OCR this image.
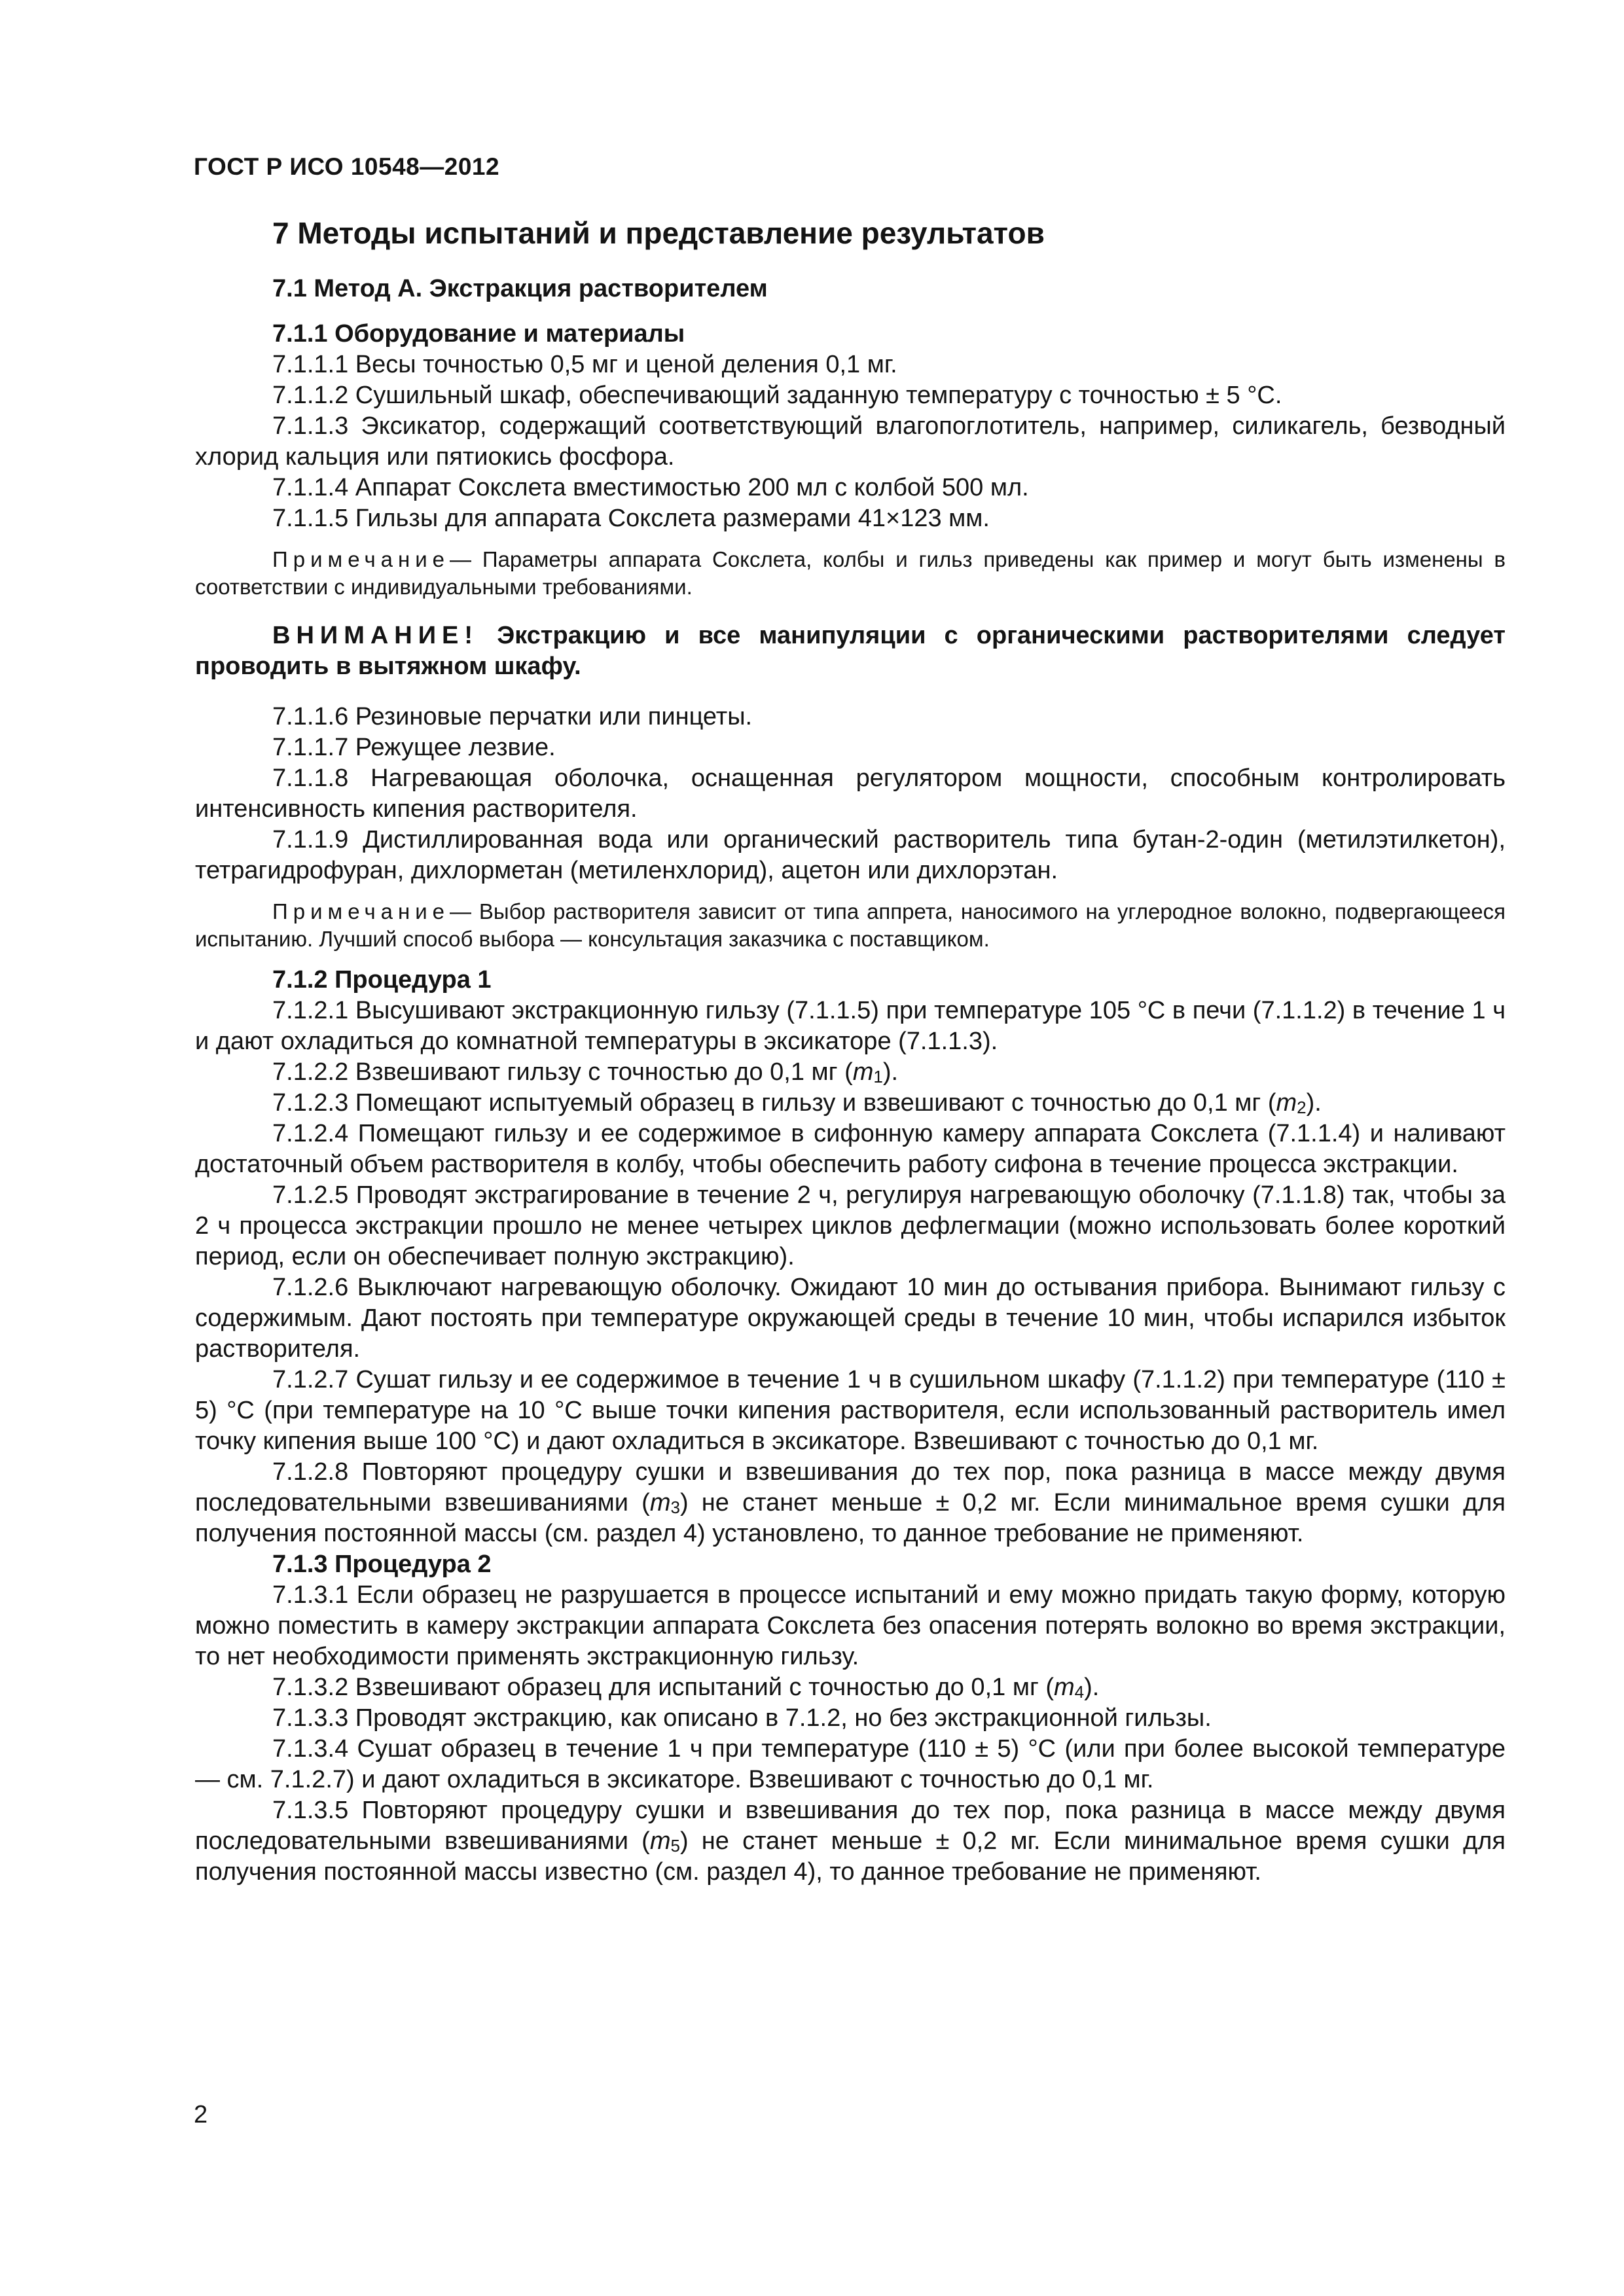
ГОСТ Р ИСО 10548—2012
7 Методы испытаний и представление результатов
7.1 Метод А. Экстракция растворителем
7.1.1 Оборудование и материалы

7.1.1.1 Весы точностью 0,5 мг и ценой деления 0,1 мг.

7.1.1.2 Сушильный шкаф, обеспечивающий заданную температуру с точностью ± 5 °С.

7.1.1.3 Эксикатор, содержащий соответствующий влагопоглотитель, например, силикагель, безводный хлорид кальция или пятиокись фосфора.

7.1.1.4 Аппарат Сокслета вместимостью 200 мл с колбой 500 мл.

7.1.1.5 Гильзы для аппарата Сокслета размерами 41×123 мм.

Примечание— Параметры аппарата Сокслета, колбы и гильз приведены как пример и могут быть изменены в соответствии с индивидуальными требованиями.

ВНИМАНИЕ! Экстракцию и все манипуляции с органическими растворителями следует проводить в вытяжном шкафу.

7.1.1.6 Резиновые перчатки или пинцеты.

7.1.1.7 Режущее лезвие.

7.1.1.8 Нагревающая оболочка, оснащенная регулятором мощности, способным контролировать интенсивность кипения растворителя.

7.1.1.9 Дистиллированная вода или органический растворитель типа бутан-2-один (метилэтилкетон), тетрагидрофуран, дихлорметан (метиленхлорид), ацетон или дихлорэтан.

Примечание— Выбор растворителя зависит от типа аппрета, наносимого на углеродное волокно, подвергающееся испытанию. Лучший способ выбора — консультация заказчика с поставщиком.

7.1.2 Процедура 1

7.1.2.1 Высушивают экстракционную гильзу (7.1.1.5) при температуре 105 °С в печи (7.1.1.2) в течение 1 ч и дают охладиться до комнатной температуры в эксикаторе (7.1.1.3).

7.1.2.2 Взвешивают гильзу с точностью до 0,1 мг $(m_1)$.

7.1.2.3 Помещают испытуемый образец в гильзу и взвешивают с точностью до 0,1 мг $(m_2)$.

7.1.2.4 Помещают гильзу и ее содержимое в сифонную камеру аппарата Сокслета (7.1.1.4) и наливают достаточный объем растворителя в колбу, чтобы обеспечить работу сифона в течение процесса экстракции.

7.1.2.5 Проводят экстрагирование в течение 2 ч, регулируя нагревающую оболочку (7.1.1.8) так, чтобы за 2 ч процесса экстракции прошло не менее четырех циклов дефлегмации (можно использовать более короткий период, если он обеспечивает полную экстракцию).

7.1.2.6 Выключают нагревающую оболочку. Ожидают 10 мин до остывания прибора. Вынимают гильзу с содержимым. Дают постоять при температуре окружающей среды в течение 10 мин, чтобы испарился избыток растворителя.

7.1.2.7 Сушат гильзу и ее содержимое в течение 1 ч в сушильном шкафу (7.1.1.2) при температуре (110 ± 5) °С (при температуре на 10 °С выше точки кипения растворителя, если использованный растворитель имел точку кипения выше 100 °С) и дают охладиться в эксикаторе. Взвешивают с точностью до 0,1 мг.

7.1.2.8 Повторяют процедуру сушки и взвешивания до тех пор, пока разница в массе между двумя последовательными взвешиваниями $(m_3)$ не станет меньше ± 0,2 мг. Если минимальное время сушки для получения постоянной массы (см. раздел 4) установлено, то данное требование не применяют.

7.1.3 Процедура 2

7.1.3.1 Если образец не разрушается в процессе испытаний и ему можно придать такую форму, которую можно поместить в камеру экстракции аппарата Сокслета без опасения потерять волокно во время экстракции, то нет необходимости применять экстракционную гильзу.

7.1.3.2 Взвешивают образец для испытаний с точностью до 0,1 мг $(m_4)$.

7.1.3.3 Проводят экстракцию, как описано в 7.1.2, но без экстракционной гильзы.

7.1.3.4 Сушат образец в течение 1 ч при температуре (110 ± 5) °С (или при более высокой температуре — см. 7.1.2.7) и дают охладиться в эксикаторе. Взвешивают с точностью до 0,1 мг.

7.1.3.5 Повторяют процедуру сушки и взвешивания до тех пор, пока разница в массе между двумя последовательными взвешиваниями $(m_5)$ не станет меньше ± 0,2 мг. Если минимальное время сушки для получения постоянной массы известно (см. раздел 4), то данное требование не применяют.

2
